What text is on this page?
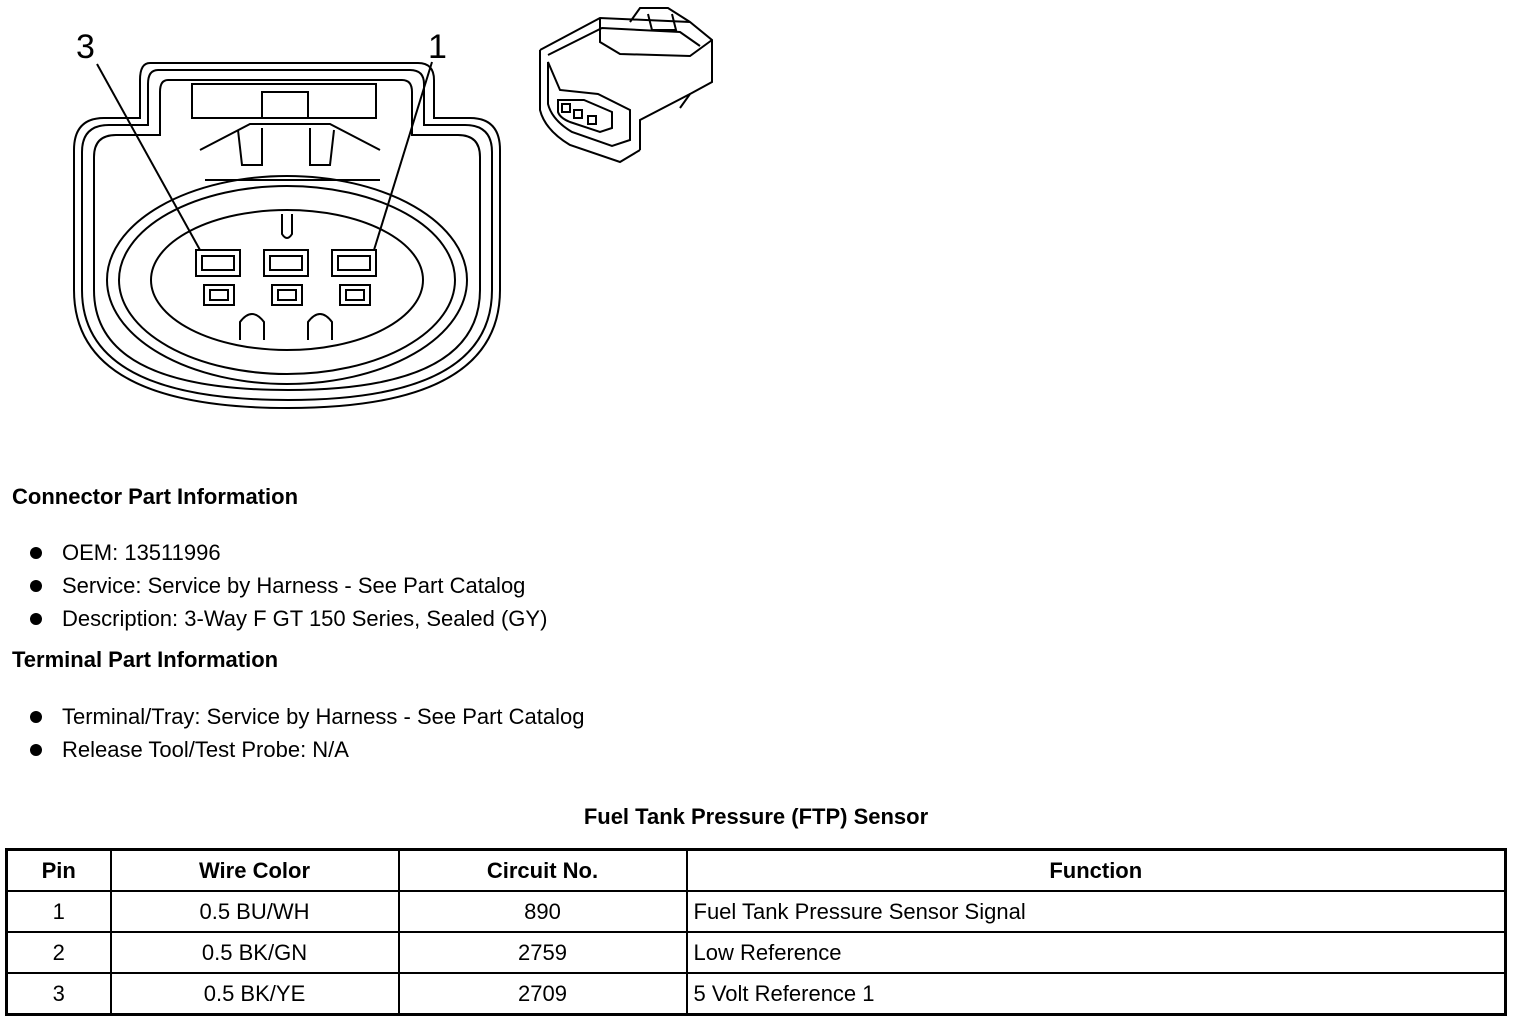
3	1
Connector Part Information
OEM: 13511996
Service: Service by Harness - See Part Catalog
Description: 3-Way F GT 150 Series, Sealed (GY)
Terminal Part Information
Terminal/Tray: Service by Harness - See Part Catalog
Release Tool/Test Probe: N/A
Fuel Tank Pressure (FTP) Sensor
Pin	Wire Color	Circuit No.	Function
1	0.5 BU/WH	890	Fuel Tank Pressure Sensor Signal
2	0.5 BK/GN	2759	Low Reference
3	0.5 BK/YE	2709	5 Volt Reference 1
